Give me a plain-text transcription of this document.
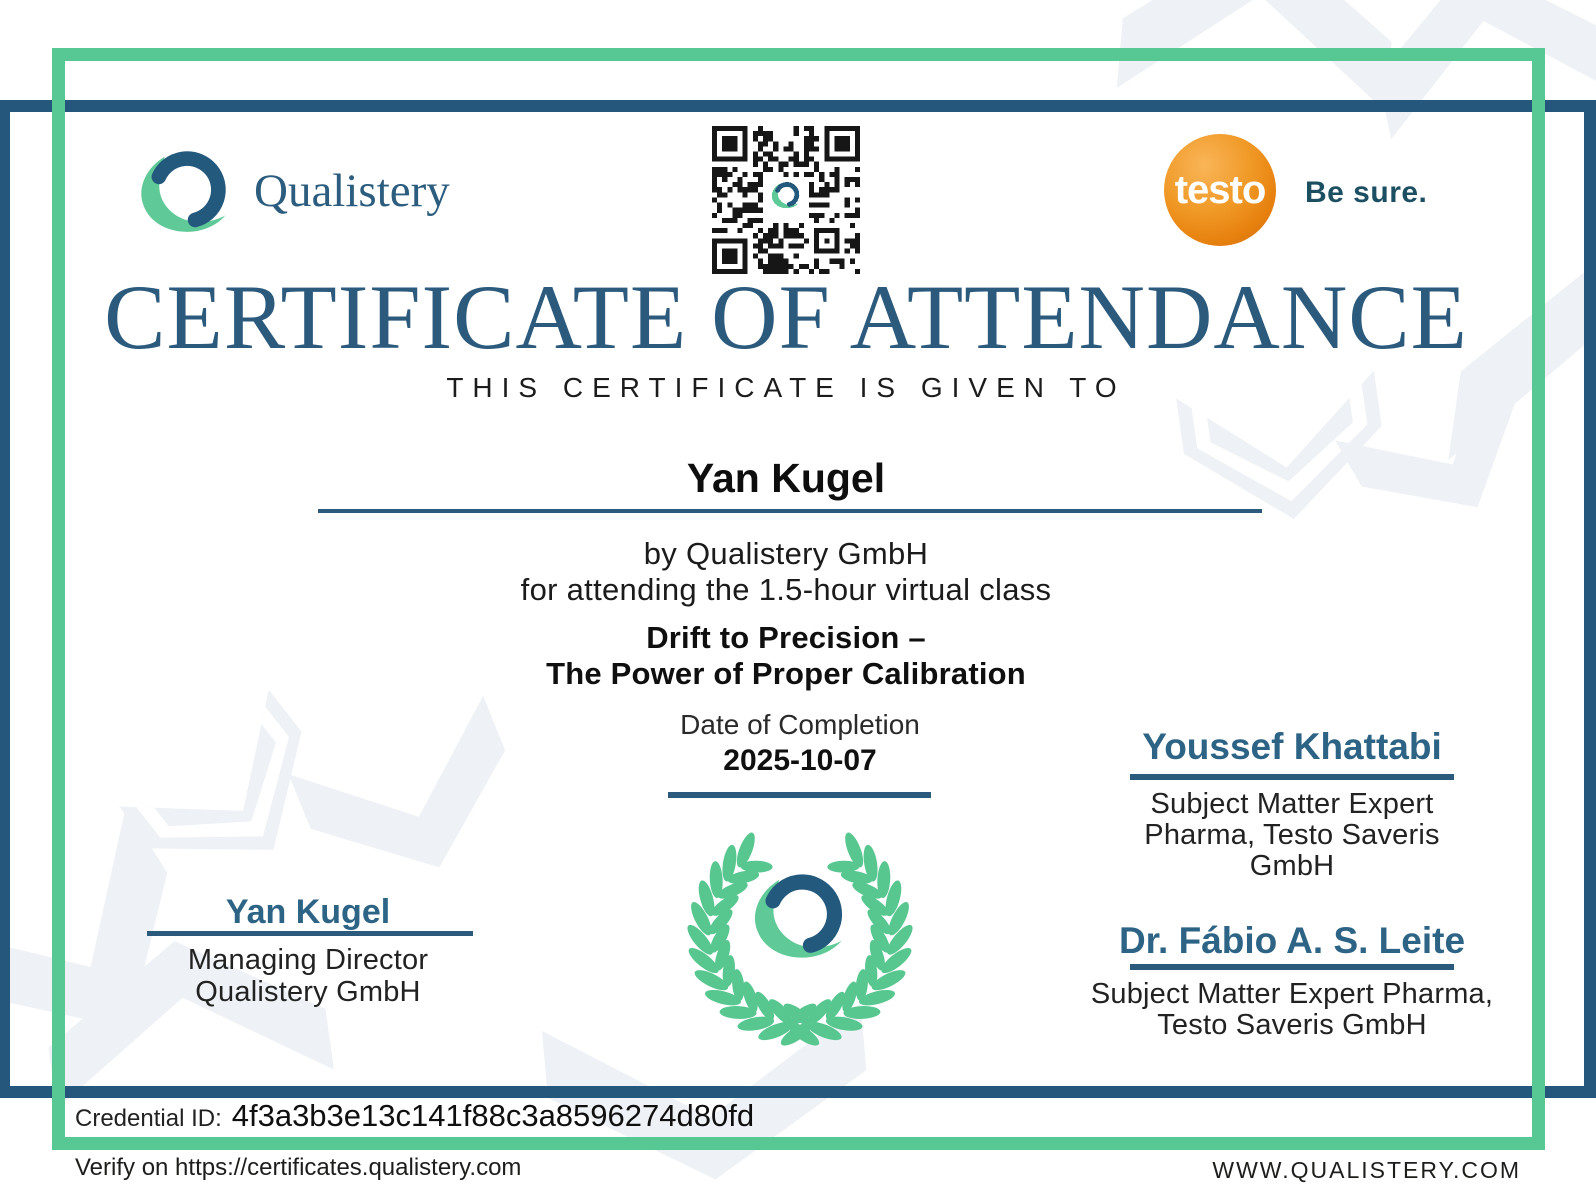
Qualistery	testo Be sure.
CERTIFICATE OF ATTENDANCE
THIS CERTIFICATE IS GIVEN TO
Yan Kugel
by Qualistery GmbH
for attending the 1.5-hour virtual class
Drift to Precision –
The Power of Proper Calibration
Date of Completion
2025-10-07
Yan Kugel
Managing Director
Qualistery GmbH
Youssef Khattabi
Subject Matter Expert
Pharma, Testo Saveris
GmbH
Dr. Fábio A. S. Leite
Subject Matter Expert Pharma,
Testo Saveris GmbH
Credential ID: 4f3a3b3e13c141f88c3a8596274d80fd
Verify on https://certificates.qualistery.com	WWW.QUALISTERY.COM
